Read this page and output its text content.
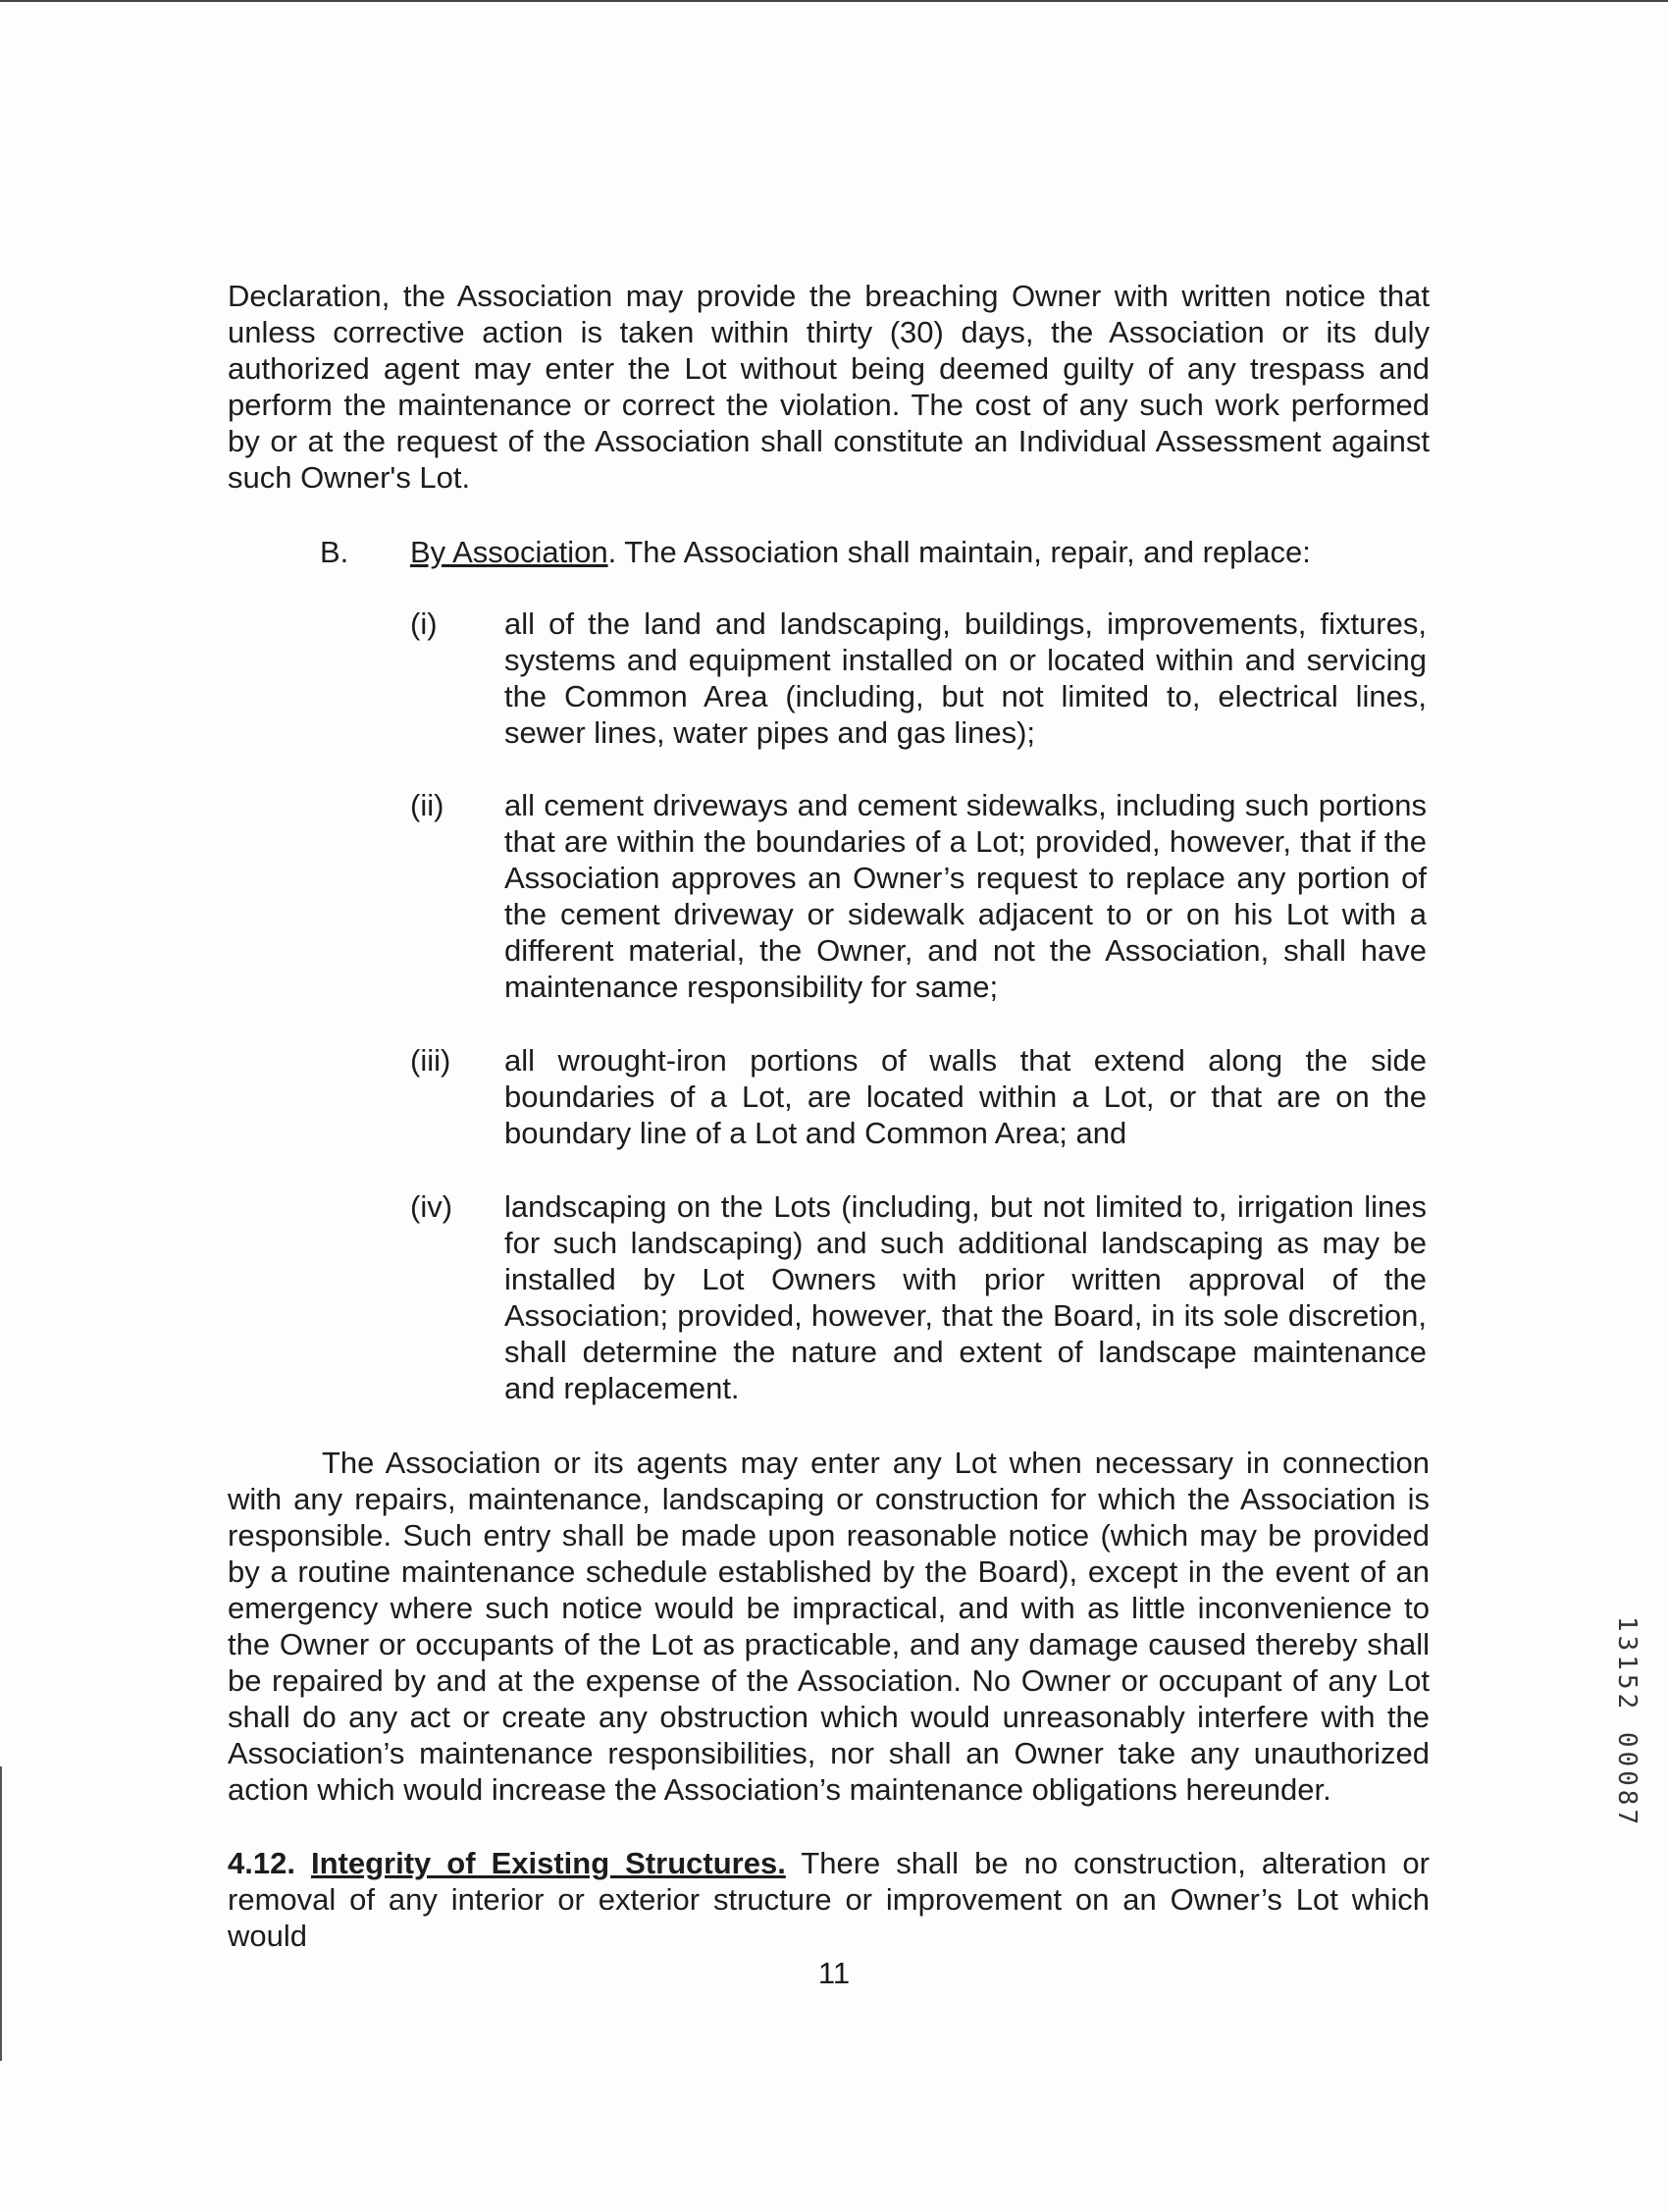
Declaration, the Association may provide the breaching Owner with written notice that unless corrective action is taken within thirty (30) days, the Association or its duly authorized agent may enter the Lot without being deemed guilty of any trespass and perform the maintenance or correct the violation. The cost of any such work performed by or at the request of the Association shall constitute an Individual Assessment against such Owner's Lot.

B. By Association. The Association shall maintain, repair, and replace:
(i) all of the land and landscaping, buildings, improvements, fixtures, systems and equipment installed on or located within and servicing the Common Area (including, but not limited to, electrical lines, sewer lines, water pipes and gas lines);

(ii) all cement driveways and cement sidewalks, including such portions that are within the boundaries of a Lot; provided, however, that if the Association approves an Owner’s request to replace any portion of the cement driveway or sidewalk adjacent to or on his Lot with a different material, the Owner, and not the Association, shall have maintenance responsibility for same;

(iii) all wrought-iron portions of walls that extend along the side boundaries of a Lot, are located within a Lot, or that are on the boundary line of a Lot and Common Area; and

(iv) landscaping on the Lots (including, but not limited to, irrigation lines for such landscaping) and such additional landscaping as may be installed by Lot Owners with prior written approval of the Association; provided, however, that the Board, in its sole discretion, shall determine the nature and extent of landscape maintenance and replacement.

The Association or its agents may enter any Lot when necessary in connection with any repairs, maintenance, landscaping or construction for which the Association is responsible. Such entry shall be made upon reasonable notice (which may be provided by a routine maintenance schedule established by the Board), except in the event of an emergency where such notice would be impractical, and with as little inconvenience to the Owner or occupants of the Lot as practicable, and any damage caused thereby shall be repaired by and at the expense of the Association. No Owner or occupant of any Lot shall do any act or create any obstruction which would unreasonably interfere with the Association’s maintenance responsibilities, nor shall an Owner take any unauthorized action which would increase the Association’s maintenance obligations hereunder.

4.12. Integrity of Existing Structures. There shall be no construction, alteration or removal of any interior or exterior structure or improvement on an Owner’s Lot which would

11
13152 00087
